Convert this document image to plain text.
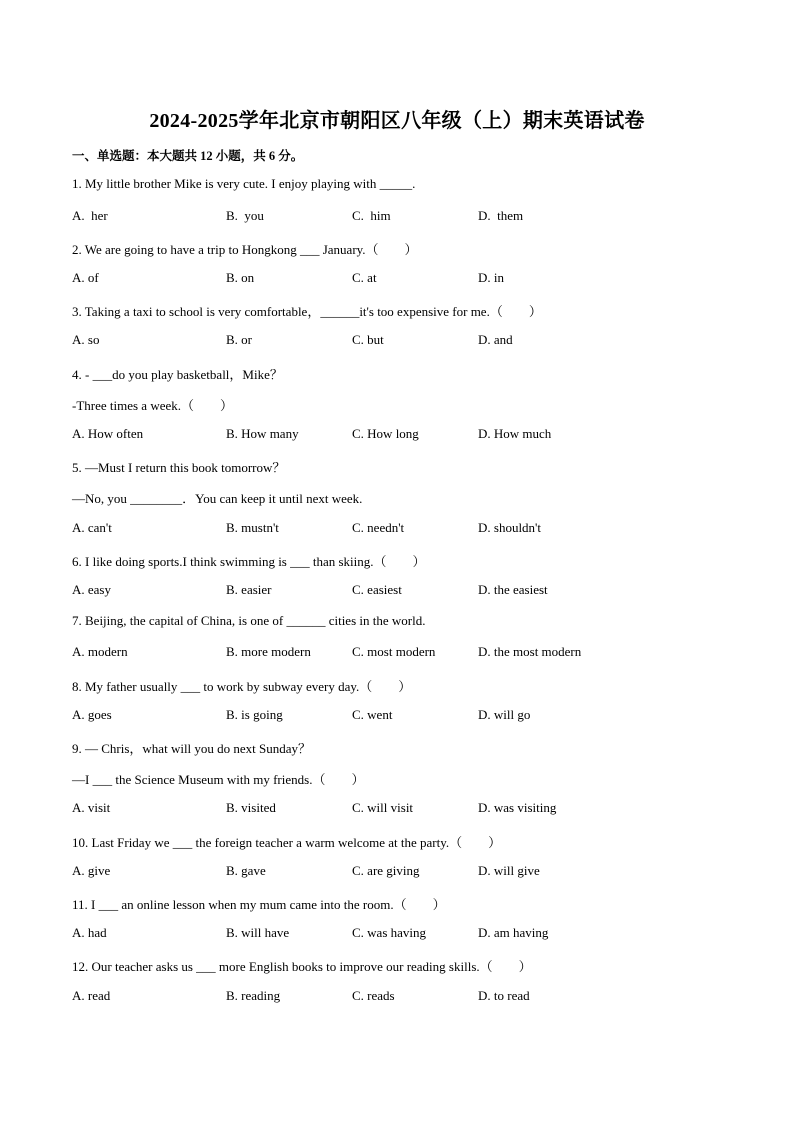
2024-2025学年北京市朝阳区八年级（上）期末英语试卷
一、单选题：本大题共 12 小题，共 6 分。
1. My little brother Mike is very cute. I enjoy playing with _____.
A.  her	B.  you	C.  him	D.  them
2. We are going to have a trip to Hongkong ___ January.（　　）
A. of	B. on	C. at	D. in
3. Taking a taxi to school is very comfortable，______it's too expensive for me.（　　）
A. so	B. or	C. but	D. and
4. - ___do you play basketball，Mike？
-Three times a week.（　　）
A. How often	B. How many	C. How long	D. How much
5. —Must I return this book tomorrow？
—No, you ________．You can keep it until next week.
A. can't	B. mustn't	C. needn't	D. shouldn't
6. I like doing sports.I think swimming is ___ than skiing.（　　）
A. easy	B. easier	C. easiest	D. the easiest
7. Beijing, the capital of China, is one of ______ cities in the world.
A. modern	B. more modern	C. most modern	D. the most modern
8. My father usually ___ to work by subway every day.（　　）
A. goes	B. is going	C. went	D. will go
9. — Chris，what will you do next Sunday？
—I ___ the Science Museum with my friends.（　　）
A. visit	B. visited	C. will visit	D. was visiting
10. Last Friday we ___ the foreign teacher a warm welcome at the party.（　　）
A. give	B. gave	C. are giving	D. will give
11. I ___ an online lesson when my mum came into the room.（　　）
A. had	B. will have	C. was having	D. am having
12. Our teacher asks us ___ more English books to improve our reading skills.（　　）
A. read	B. reading	C. reads	D. to read
